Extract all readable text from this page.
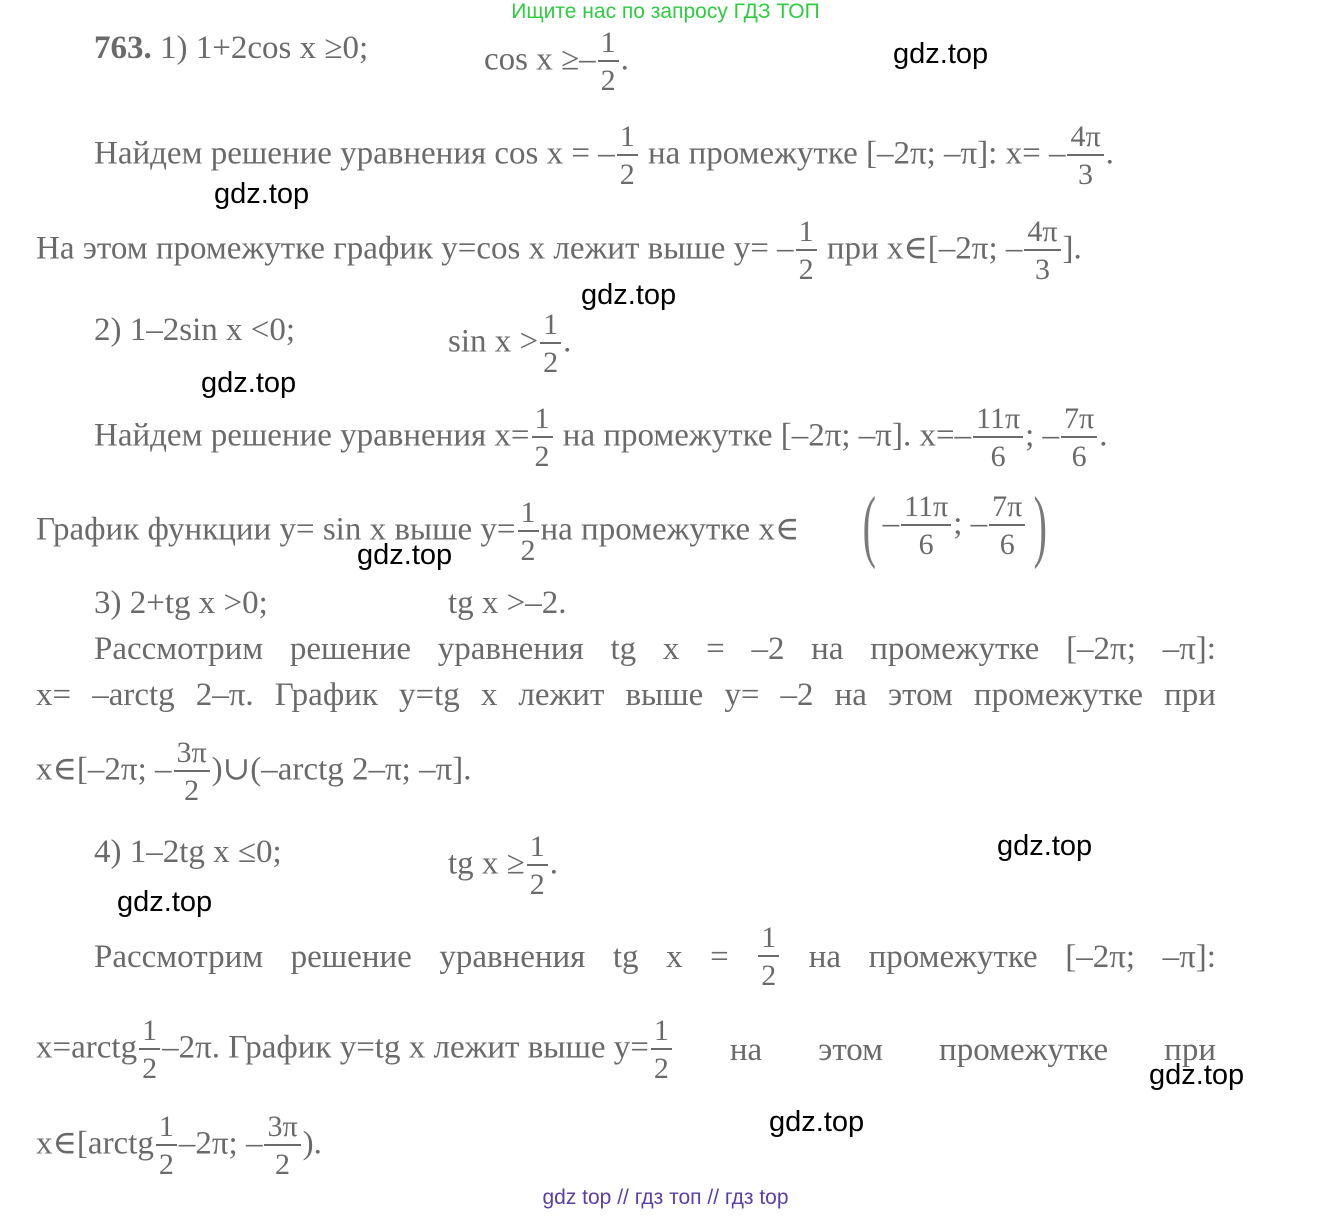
Ищите нас по запросу ГДЗ ТОП
gdz.top
gdz.top
gdz.top
gdz.top
gdz.top
gdz.top
gdz.top
gdz.top
gdz.top
763. 1) 1+2cos x ≥0;	$\cos x \ge- \frac{1}{2}$ .
Найдем решение уравнения cos x = – $\frac{1}{2}$ на промежутке [–2π; –π]: $x= - \frac{4\pi}{3}$ .
На этом промежутке график y=cos x лежит выше $y= - \frac{1}{2}$ при x∈[–2π; – $\frac{4\pi}{3}$ ].
2) 1–2sin x <0;	$\sin x > \frac{1}{2}$ .
Найдем решение уравнения $x= \frac{1}{2}$ на промежутке [–2π; –π]. $x=- \frac{11\pi}{6}$ ; – $\frac{7\pi}{6}$ .
График функции y= sin x выше $y= \frac{1}{2}$ на промежутке x∈ ( – $\frac{11\pi}{6}$ ; – $\frac{7\pi}{6}$ )
3) 2+tg x >0;	tg x >–2.
Рассмотрим решение уравнения tg x = –2 на промежутке [–2π; –π]:
x= –arctg 2–π. График y=tg x лежит выше y= –2 на этом промежутке при
x∈[–2π; – $\frac{3\pi}{2}$ )∪(–arctg 2–π; –π].
4) 1–2tg x ≤0;	tg $x \ge \frac{1}{2}$ .
Рассмотрим решение уравнения tg $x = \frac{1}{2}$ на промежутке [–2π; –π]:
x=arctg $\frac{1}{2} -2\pi$. График y=tg x лежит выше $y= \frac{1}{2}$ на этом промежутке при
x∈[arctg $\frac{1}{2} -2\pi$; – $\frac{3\pi}{2}$ ).
gdz top // гдз топ // гдз top
